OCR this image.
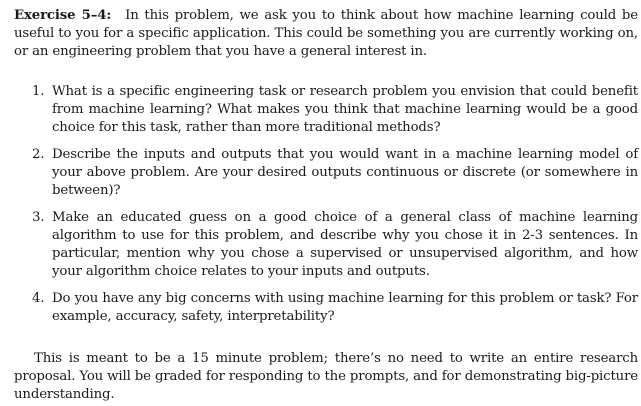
Exercise 5–4: In this problem, we ask you to think about how machine learning could be useful to you for a specific application. This could be something you are currently working on, or an engineering problem that you have a general interest in.

1. What is a specific engineering task or research problem you envision that could benefit from machine learning? What makes you think that machine learning would be a good choice for this task, rather than more traditional methods?
2. Describe the inputs and outputs that you would want in a machine learning model of your above problem. Are your desired outputs continuous or discrete (or somewhere in between)?
3. Make an educated guess on a good choice of a general class of machine learning algorithm to use for this problem, and describe why you chose it in 2-3 sentences. In particular, mention why you chose a supervised or unsupervised algorithm, and how your algorithm choice relates to your inputs and outputs.
4. Do you have any big concerns with using machine learning for this problem or task? For example, accuracy, safety, interpretability?

This is meant to be a 15 minute problem; there’s no need to write an entire research proposal. You will be graded for responding to the prompts, and for demonstrating big-picture understanding.
